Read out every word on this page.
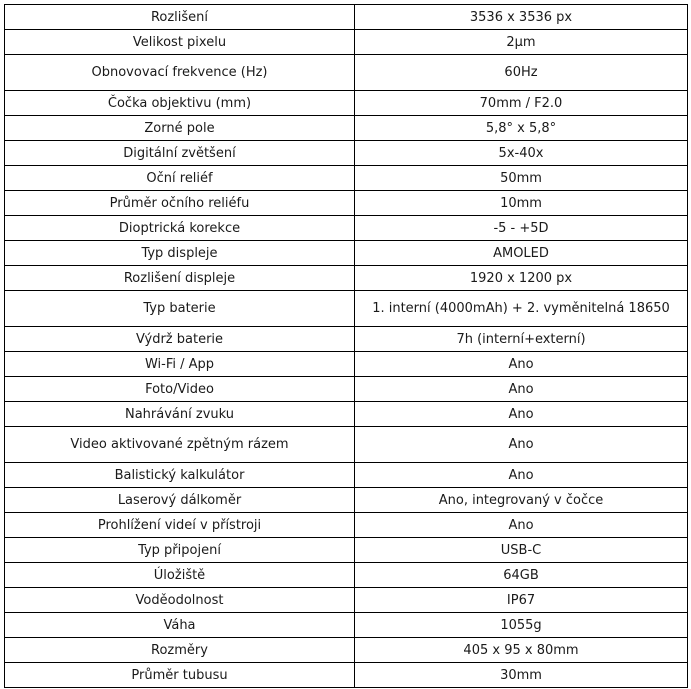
Rozlišení	3536 x 3536 px
Velikost pixelu	2µm
Obnovovací frekvence (Hz)	60Hz
Čočka objektivu (mm)	70mm / F2.0
Zorné pole	5,8° x 5,8°
Digitální zvětšení	5x-40x
Oční reliéf	50mm
Průměr očního reliéfu	10mm
Dioptrická korekce	-5 - +5D
Typ displeje	AMOLED
Rozlišení displeje	1920 x 1200 px
Typ baterie	1. interní (4000mAh) + 2. vyměnitelná 18650
Výdrž baterie	7h (interní+externí)
Wi-Fi / App	Ano
Foto/Video	Ano
Nahrávání zvuku	Ano
Video aktivované zpětným rázem	Ano
Balistický kalkulátor	Ano
Laserový dálkoměr	Ano, integrovaný v čočce
Prohlížení videí v přístroji	Ano
Typ připojení	USB-C
Úložiště	64GB
Voděodolnost	IP67
Váha	1055g
Rozměry	405 x 95 x 80mm
Průměr tubusu	30mm
